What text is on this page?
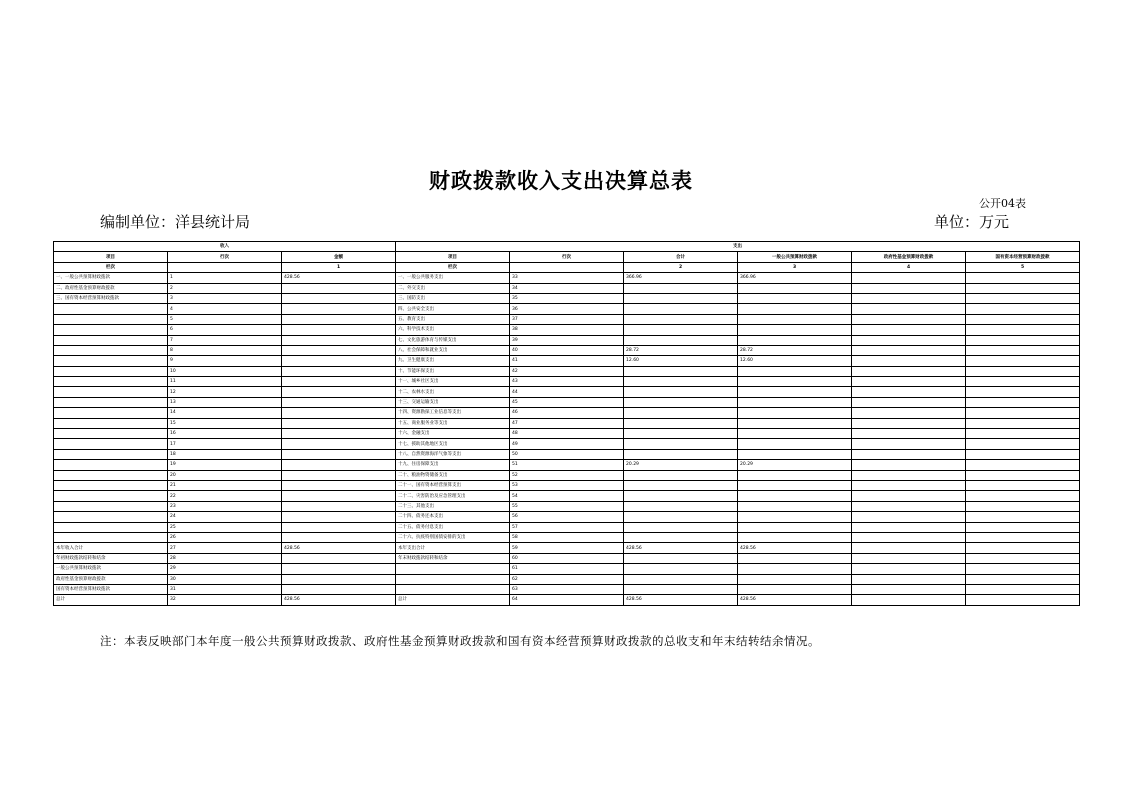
财政拨款收入支出决算总表
公开04表
编制单位：洋县统计局	单位：万元
收入			支出					
项目	行次	金额	项目	行次	合计	一般公共预算财政拨款	政府性基金预算财政拨款	国有资本经营预算财政拨款
栏次		1	栏次		2	3	4	5
一、一般公共预算财政拨款	1	428.56	一、一般公共服务支出	33	366.96	366.96		
二、政府性基金预算财政拨款	2		二、外交支出	34				
三、国有资本经营预算财政拨款	3		三、国防支出	35				
	4		四、公共安全支出	36				
	5		五、教育支出	37				
	6		六、科学技术支出	38				
	7		七、文化旅游体育与传媒支出	39				
	8		八、社会保障和就业支出	40	28.72	28.72		
	9		九、卫生健康支出	41	12.60	12.60		
	10		十、节能环保支出	42				
	11		十一、城乡社区支出	43				
	12		十二、农林水支出	44				
	13		十三、交通运输支出	45				
	14		十四、资源勘探工业信息等支出	46				
	15		十五、商业服务业等支出	47				
	16		十六、金融支出	48				
	17		十七、援助其他地区支出	49				
	18		十八、自然资源海洋气象等支出	50				
	19		十九、住房保障支出	51	20.29	20.29		
	20		二十、粮油物资储备支出	52				
	21		二十一、国有资本经营预算支出	53				
	22		二十二、灾害防治及应急管理支出	54				
	23		二十三、其他支出	55				
	24		二十四、债务还本支出	56				
	25		二十五、债务付息支出	57				
	26		二十六、抗疫特别国债安排的支出	58				
本年收入合计	27	428.56	本年支出合计	59	428.56	428.56		
年初财政拨款结转和结余	28		年末财政拨款结转和结余	60				
一般公共预算财政拨款	29			61				
政府性基金预算财政拨款	30			62				
国有资本经营预算财政拨款	31			63				
总计	32	428.56	总计	64	428.56	428.56		
注：本表反映部门本年度一般公共预算财政拨款、政府性基金预算财政拨款和国有资本经营预算财政拨款的总收支和年末结转结余情况。
